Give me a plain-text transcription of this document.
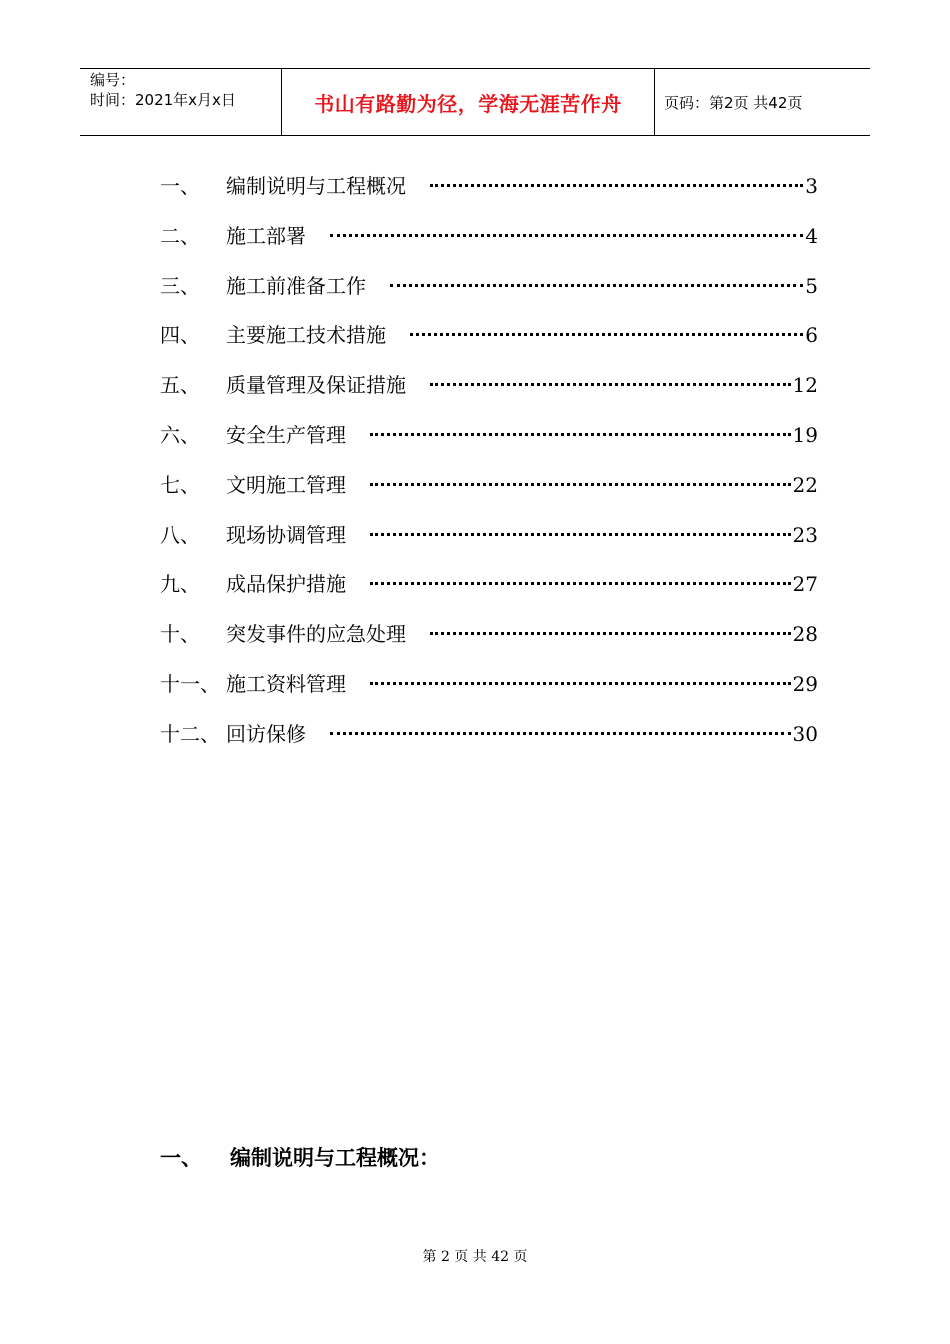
编号：
时间：2021年x月x日	书山有路勤为径，学海无涯苦作舟	页码：第2页 共42页
一、 编制说明与工程概况	3
二、 施工部署	4
三、 施工前准备工作	5
四、 主要施工技术措施	6
五、 质量管理及保证措施	12
六、 安全生产管理	19
七、 文明施工管理	22
八、 现场协调管理	23
九、 成品保护措施	27
十、 突发事件的应急处理	28
十一、 施工资料管理	29
十二、 回访保修	30
一、 编制说明与工程概况：
第 2 页 共 42 页
